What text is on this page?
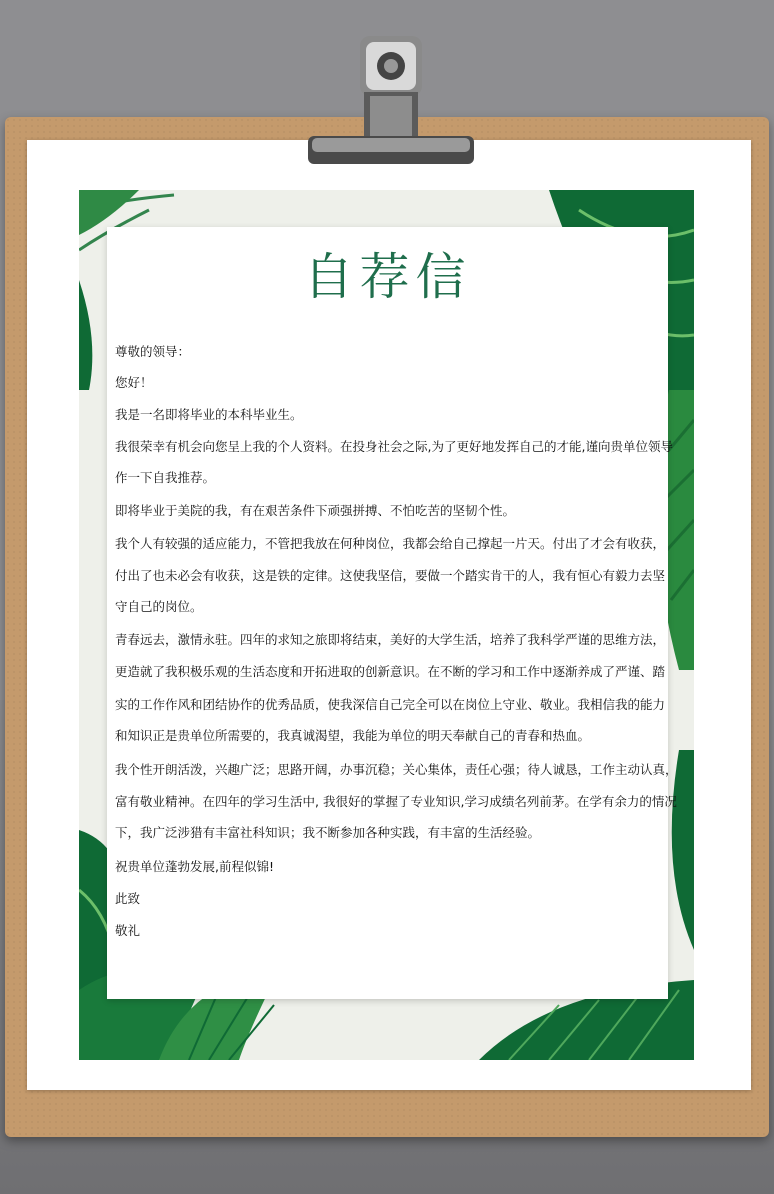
自荐信
尊敬的领导：
您好！
我是一名即将毕业的本科毕业生。
我很荣幸有机会向您呈上我的个人资料。在投身社会之际,为了更好地发挥自己的才能,谨向贵单位领导
作一下自我推荐。
即将毕业于美院的我，有在艰苦条件下顽强拼搏、不怕吃苦的坚韧个性。
我个人有较强的适应能力，不管把我放在何种岗位，我都会给自己撑起一片天。付出了才会有收获，
付出了也未必会有收获，这是铁的定律。这使我坚信，要做一个踏实肯干的人，我有恒心有毅力去坚
守自己的岗位。
青春远去，激情永驻。四年的求知之旅即将结束，美好的大学生活，培养了我科学严谨的思维方法，
更造就了我积极乐观的生活态度和开拓进取的创新意识。在不断的学习和工作中逐渐养成了严谨、踏
实的工作作风和团结协作的优秀品质，使我深信自己完全可以在岗位上守业、敬业。我相信我的能力
和知识正是贵单位所需要的，我真诚渴望，我能为单位的明天奉献自己的青春和热血。
我个性开朗活泼，兴趣广泛；思路开阔，办事沉稳；关心集体，责任心强；待人诚恳，工作主动认真，
富有敬业精神。在四年的学习生活中, 我很好的掌握了专业知识,学习成绩名列前茅。在学有余力的情况
下，我广泛涉猎有丰富社科知识；我不断参加各种实践，有丰富的生活经验。
祝贵单位蓬勃发展,前程似锦!
此致
敬礼
